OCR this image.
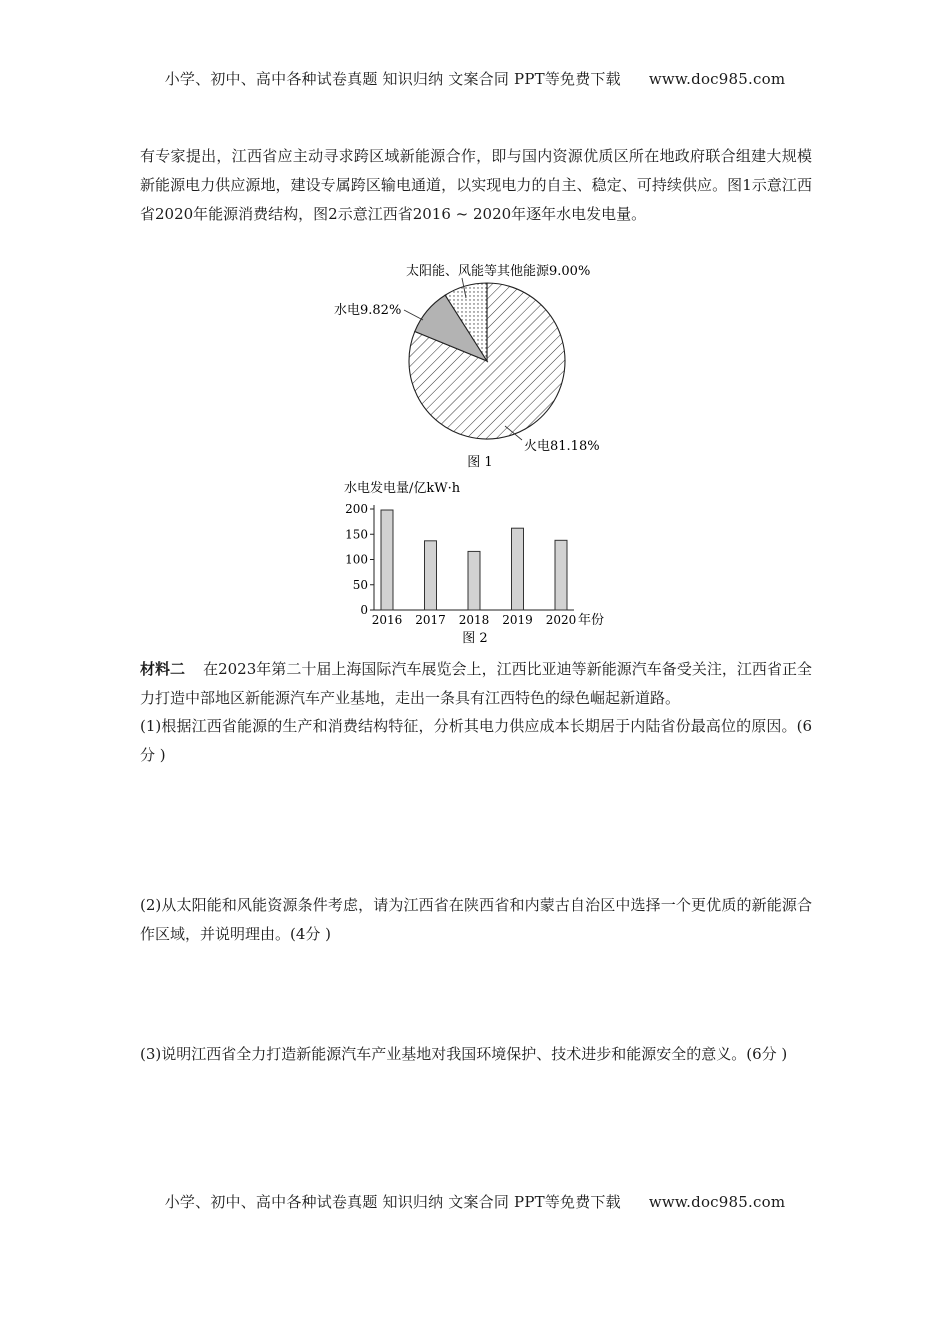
小学、初中、高中各种试卷真题 知识归纳 文案合同 PPT等免费下载 www.doc985.com

有专家提出，江西省应主动寻求跨区域新能源合作，即与国内资源优质区所在地政府联合组建大规模新能源电力供应源地，建设专属跨区输电通道，以实现电力的自主、稳定、可持续供应。图1示意江西省2020年能源消费结构，图2示意江西省2016 ~ 2020年逐年水电发电量。

太阳能、风能等其他能源9.00%
水电9.82%
火电81.18%
图 1
水电发电量/亿kW·h
0
50
100
150
200
2016 2017 2018 2019 2020 年份
图 2

材料二 在2023年第二十届上海国际汽车展览会上，江西比亚迪等新能源汽车备受关注，江西省正全力打造中部地区新能源汽车产业基地，走出一条具有江西特色的绿色崛起新道路。

(1)根据江西省能源的生产和消费结构特征，分析其电力供应成本长期居于内陆省份最高位的原因。(6分 )

(2)从太阳能和风能资源条件考虑，请为江西省在陕西省和内蒙古自治区中选择一个更优质的新能源合作区域，并说明理由。(4分 )

(3)说明江西省全力打造新能源汽车产业基地对我国环境保护、技术进步和能源安全的意义。(6分 )

小学、初中、高中各种试卷真题 知识归纳 文案合同 PPT等免费下载 www.doc985.com
